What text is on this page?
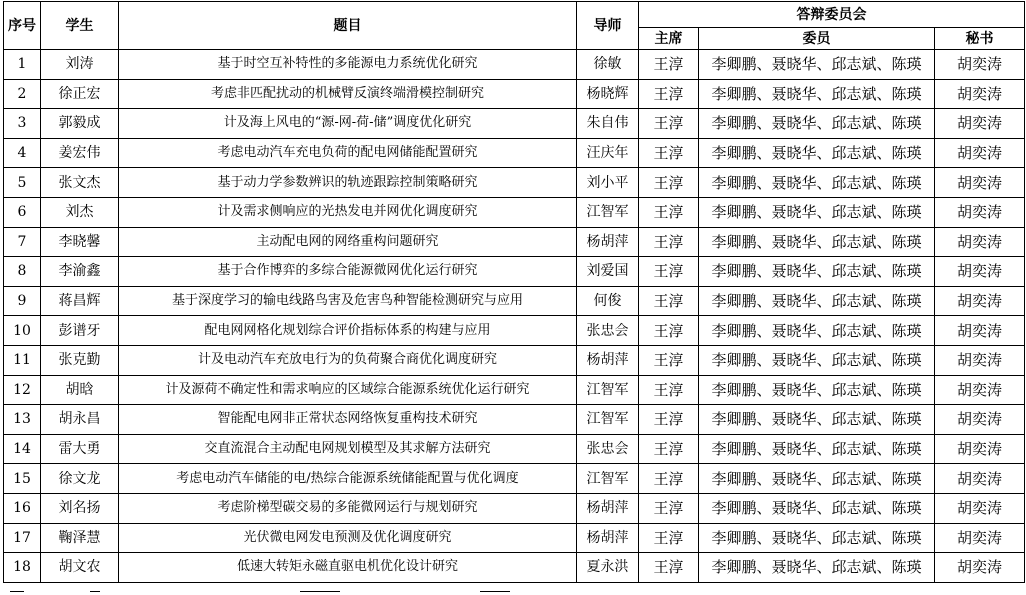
序号	学生	题目	导师	答辩委员会		
				主席	委员	秘书
1	刘涛	基于时空互补特性的多能源电力系统优化研究	徐敏	王淳	李卿鹏、聂晓华、邱志斌、陈瑛	胡奕涛
2	徐正宏	考虑非匹配扰动的机械臂反演终端滑模控制研究	杨晓辉	王淳	李卿鹏、聂晓华、邱志斌、陈瑛	胡奕涛
3	郭毅成	计及海上风电的“源-网-荷-储”调度优化研究	朱自伟	王淳	李卿鹏、聂晓华、邱志斌、陈瑛	胡奕涛
4	姜宏伟	考虑电动汽车充电负荷的配电网储能配置研究	汪庆年	王淳	李卿鹏、聂晓华、邱志斌、陈瑛	胡奕涛
5	张文杰	基于动力学参数辨识的轨迹跟踪控制策略研究	刘小平	王淳	李卿鹏、聂晓华、邱志斌、陈瑛	胡奕涛
6	刘杰	计及需求侧响应的光热发电并网优化调度研究	江智军	王淳	李卿鹏、聂晓华、邱志斌、陈瑛	胡奕涛
7	李晓馨	主动配电网的网络重构问题研究	杨胡萍	王淳	李卿鹏、聂晓华、邱志斌、陈瑛	胡奕涛
8	李渝鑫	基于合作博弈的多综合能源微网优化运行研究	刘爱国	王淳	李卿鹏、聂晓华、邱志斌、陈瑛	胡奕涛
9	蒋昌辉	基于深度学习的输电线路鸟害及危害鸟种智能检测研究与应用	何俊	王淳	李卿鹏、聂晓华、邱志斌、陈瑛	胡奕涛
10	彭谱牙	配电网网格化规划综合评价指标体系的构建与应用	张忠会	王淳	李卿鹏、聂晓华、邱志斌、陈瑛	胡奕涛
11	张克勤	计及电动汽车充放电行为的负荷聚合商优化调度研究	杨胡萍	王淳	李卿鹏、聂晓华、邱志斌、陈瑛	胡奕涛
12	胡晗	计及源荷不确定性和需求响应的区域综合能源系统优化运行研究	江智军	王淳	李卿鹏、聂晓华、邱志斌、陈瑛	胡奕涛
13	胡永昌	智能配电网非正常状态网络恢复重构技术研究	江智军	王淳	李卿鹏、聂晓华、邱志斌、陈瑛	胡奕涛
14	雷大勇	交直流混合主动配电网规划模型及其求解方法研究	张忠会	王淳	李卿鹏、聂晓华、邱志斌、陈瑛	胡奕涛
15	徐文龙	考虑电动汽车储能的电/热综合能源系统储能配置与优化调度	江智军	王淳	李卿鹏、聂晓华、邱志斌、陈瑛	胡奕涛
16	刘名扬	考虑阶梯型碳交易的多能微网运行与规划研究	杨胡萍	王淳	李卿鹏、聂晓华、邱志斌、陈瑛	胡奕涛
17	鞠泽慧	光伏微电网发电预测及优化调度研究	杨胡萍	王淳	李卿鹏、聂晓华、邱志斌、陈瑛	胡奕涛
18	胡文农	低速大转矩永磁直驱电机优化设计研究	夏永洪	王淳	李卿鹏、聂晓华、邱志斌、陈瑛	胡奕涛
